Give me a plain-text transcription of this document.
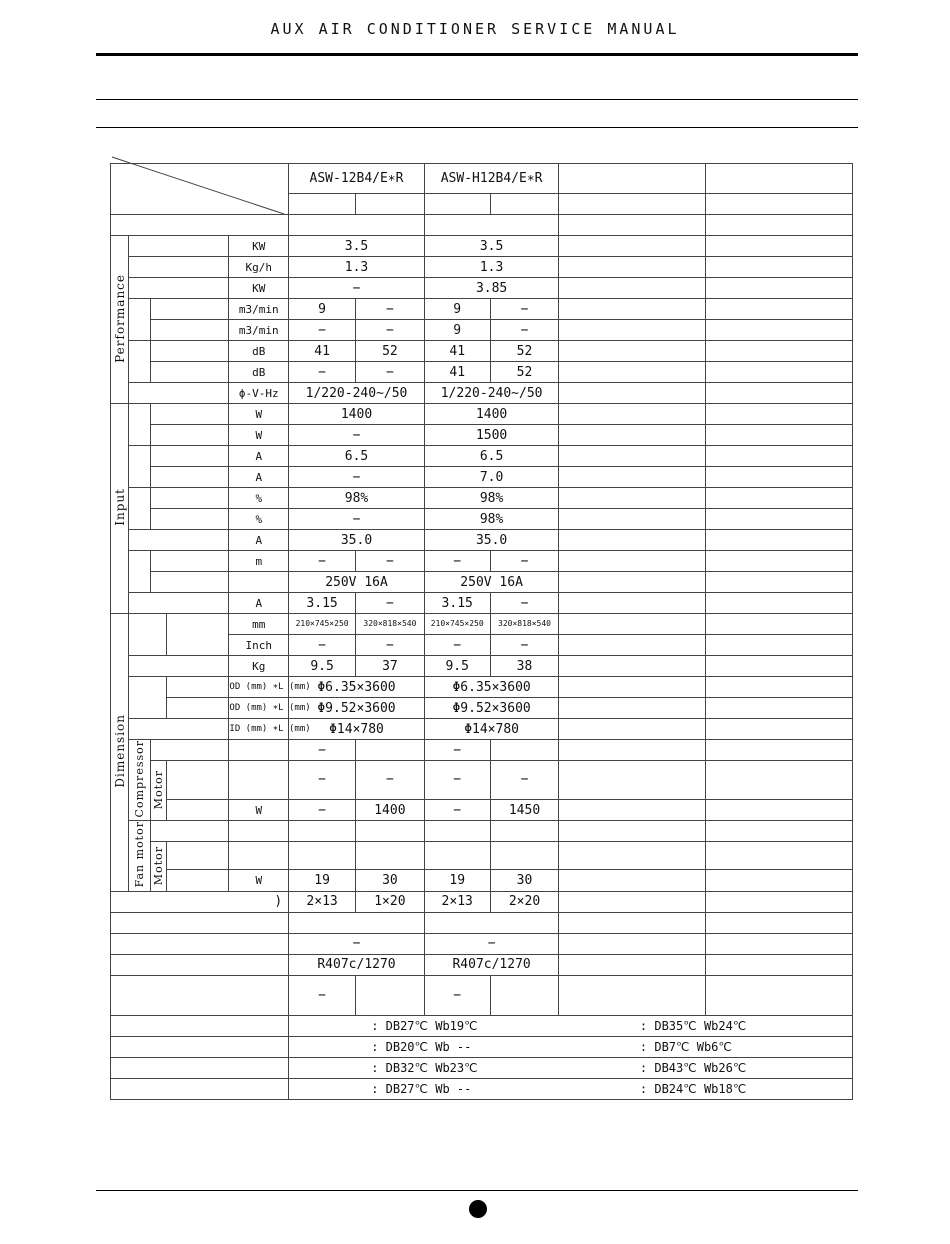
AUX AIR CONDITIONER SERVICE MANUAL
					ASW-12B4/E∗R		ASW-H12B4/E∗R			

Performance				KW	3.5		3.5			
				Kg/h	1.3		1.3			
				KW	−		3.85			
				m3/min	9	−	9	−		
				m3/min	−	−	9	−		
				dB	41	52	41	52		
				dB	−	−	41	52		
				ϕ-V-Hz	1/220-240~/50		1/220-240~/50			
Input				W	1400		1400			
				W	−		1500			
				A	6.5		6.5			
				A	−		7.0			
				%	98%		98%			
				%	−		98%			
				A	35.0		35.0			
				m	−	−	−	−		
					250V 16A		250V 16A			
				A	3.15	−	3.15	−		
Dimension				mm	210×745×250	320×818×540	210×745×250	320×818×540		
				Inch	−	−	−	−		
				Kg	9.5	37	9.5	38		
				OD (mm) ∗L (mm)	Φ6.35×3600		Φ6.35×3600			
				OD (mm) ∗L (mm)	Φ9.52×3600		Φ9.52×3600			
				ID (mm) ∗L (mm)	Φ14×780		Φ14×780			
	Compressor				−		−			
		Motor			−	−	−	−		
				W	−	1400	−	1450		
	Fan motor									
		Motor								
				W	19	30	19	30		
)					2×13	1×20	2×13	2×20		

					−		−			
					R407c/1270		R407c/1270			
					−		−			
					: DB27℃ Wb19℃				: DB35℃ Wb24℃	
					: DB20℃ Wb --				: DB7℃ Wb6℃	
					: DB32℃ Wb23℃				: DB43℃ Wb26℃	
					: DB27℃ Wb --				: DB24℃ Wb18℃	
